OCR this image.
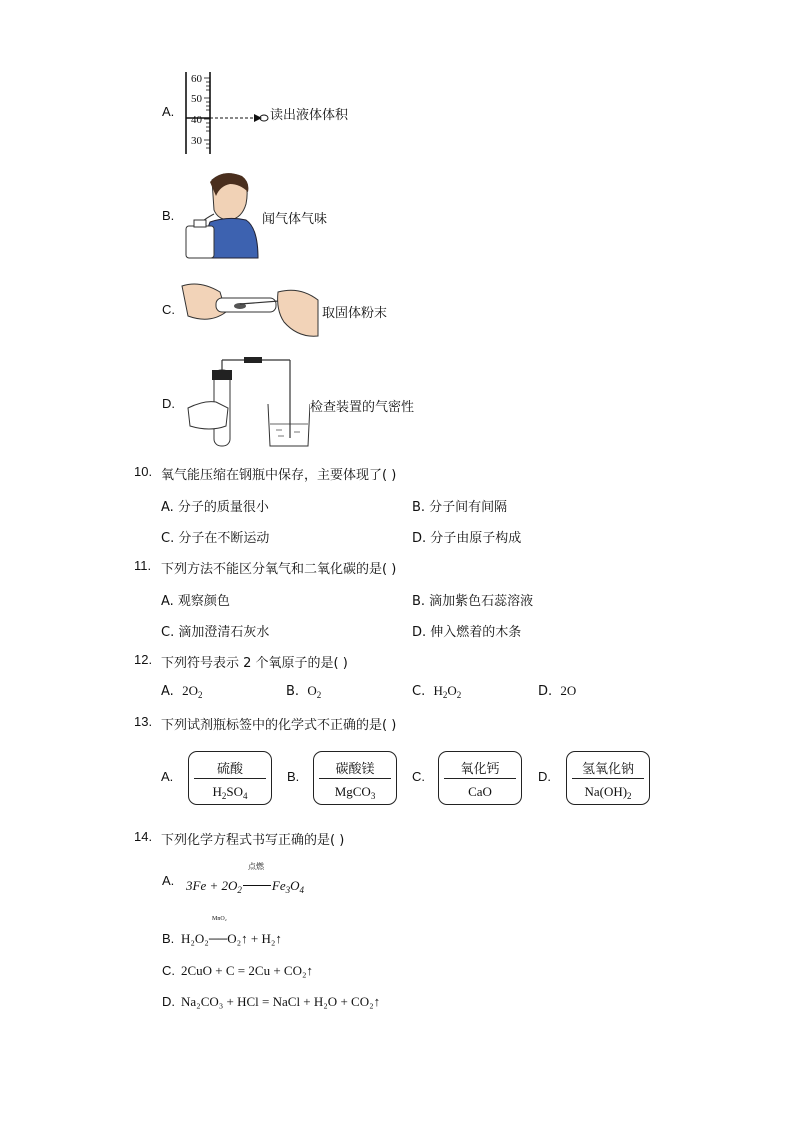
A.
60
50
40
30
读出液体体积
B.	闻气体气味
C.	取固体粉末
D.	检查装置的气密性
10. 氧气能压缩在钢瓶中保存，主要体现了( )
A. 分子的质量很小	B. 分子间有间隔
C. 分子在不断运动	D. 分子由原子构成
11. 下列方法不能区分氧气和二氧化碳的是( )
A. 观察颜色	B. 滴加紫色石蕊溶液
C. 滴加澄清石灰水	D. 伸入燃着的木条
12. 下列符号表示 2 个氧原子的是( )
A. $2O_2$	B. $O_2$	C. $H_2O_2$	D. 2O
13. 下列试剂瓶标签中的化学式不正确的是( )
A.	硫酸
$H_2SO_4$
B.	碳酸镁
MgCO$_3$
C.	氧化钙
CaO
D.	氢氧化钠
$Na(OH)_2$
14. 下列化学方程式书写正确的是( )
A.
点燃
$3Fe + 2O_2$ $Fe_3O_4$
B.
MnO₂
H₂O₂──O₂↑ + H₂↑
C. 2CuO + C = 2Cu + CO₂↑
D. Na₂CO₃ + HCl = NaCl + H₂O + CO₂↑
